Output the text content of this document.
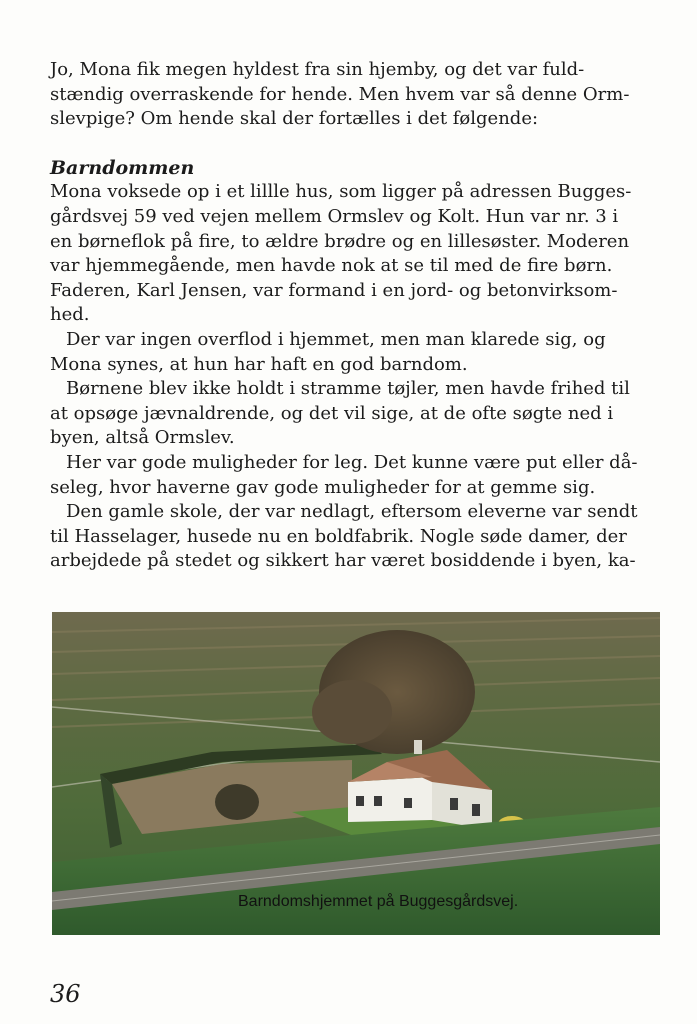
Jo, Mona fik megen hyldest fra sin hjemby, og det var fuld-
stændig overraskende for hende. Men hvem var så denne Orm-
slevpige? Om hende skal der fortælles i det følgende:
Barndommen
Mona voksede op i et lillle hus, som ligger på adressen Bugges-
gårdsvej 59 ved vejen mellem Ormslev og Kolt. Hun var nr. 3 i
en børneflok på fire, to ældre brødre og en lillesøster. Moderen
var hjemmegående, men havde nok at se til med de fire børn.
Faderen, Karl Jensen, var formand i en jord- og betonvirksom-
hed.
Der var ingen overflod i hjemmet, men man klarede sig, og
Mona synes, at hun har haft en god barndom.
Børnene blev ikke holdt i stramme tøjler, men havde frihed til
at opsøge jævnaldrende, og det vil sige, at de ofte søgte ned i
byen, altså Ormslev.
Her var gode muligheder for leg. Det kunne være put eller då-
seleg, hvor haverne gav gode muligheder for at gemme sig.
Den gamle skole, der var nedlagt, eftersom eleverne var sendt
til Hasselager, husede nu en boldfabrik. Nogle søde damer, der
arbejdede på stedet og sikkert har været bosiddende i byen, ka-
Barndomshjemmet på Buggesgårdsvej.
36
